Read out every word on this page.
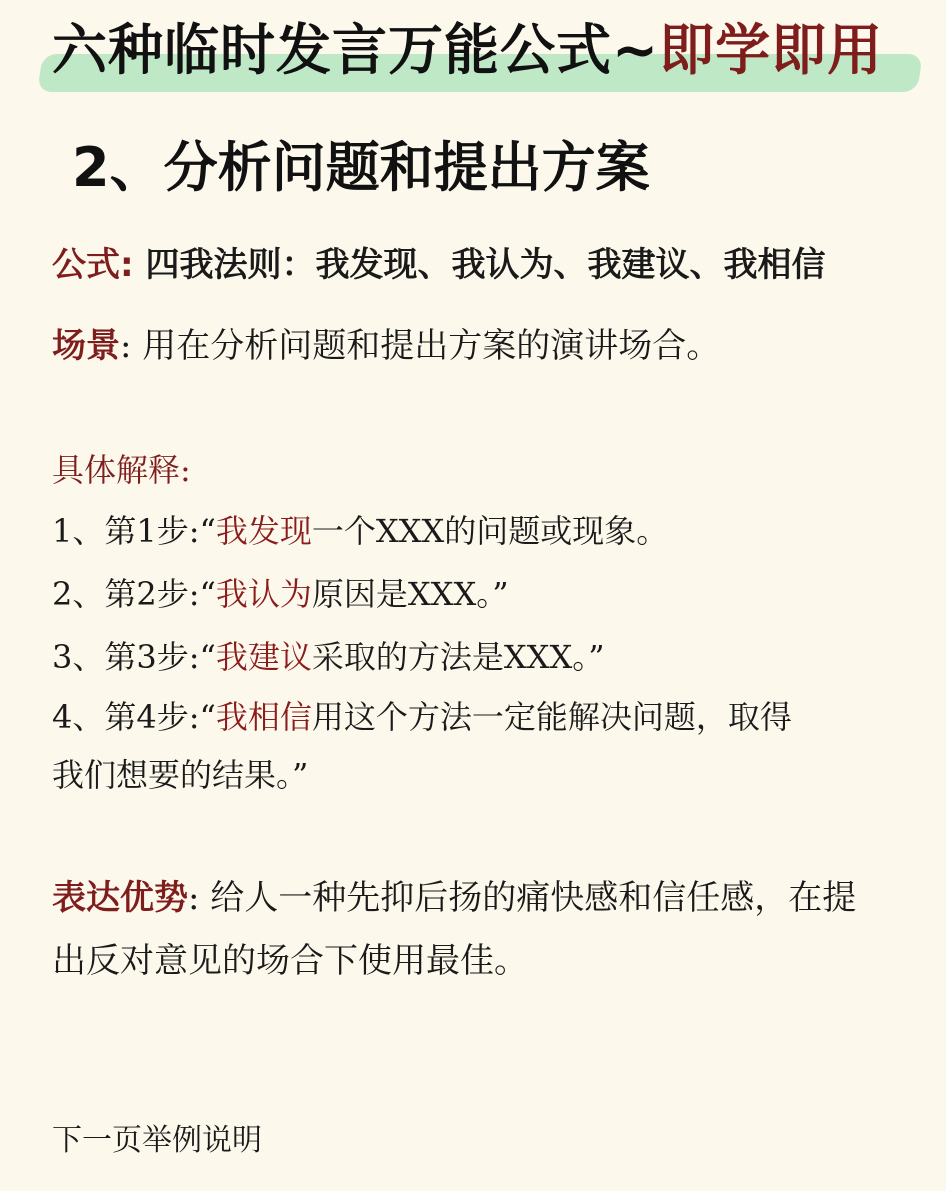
六种临时发言万能公式~即学即用
2、分析问题和提出方案

公式: 四我法则：我发现、我认为、我建议、我相信

场景: 用在分析问题和提出方案的演讲场合。

具体解释:

1、第1步:“我发现一个XXX的问题或现象。

2、第2步:“我认为原因是XXX。”

3、第3步:“我建议采取的方法是XXX。”

4、第4步:“我相信用这个方法一定能解决问题，取得

我们想要的结果。”

表达优势: 给人一种先抑后扬的痛快感和信任感，在提

出反对意见的场合下使用最佳。

下一页举例说明
